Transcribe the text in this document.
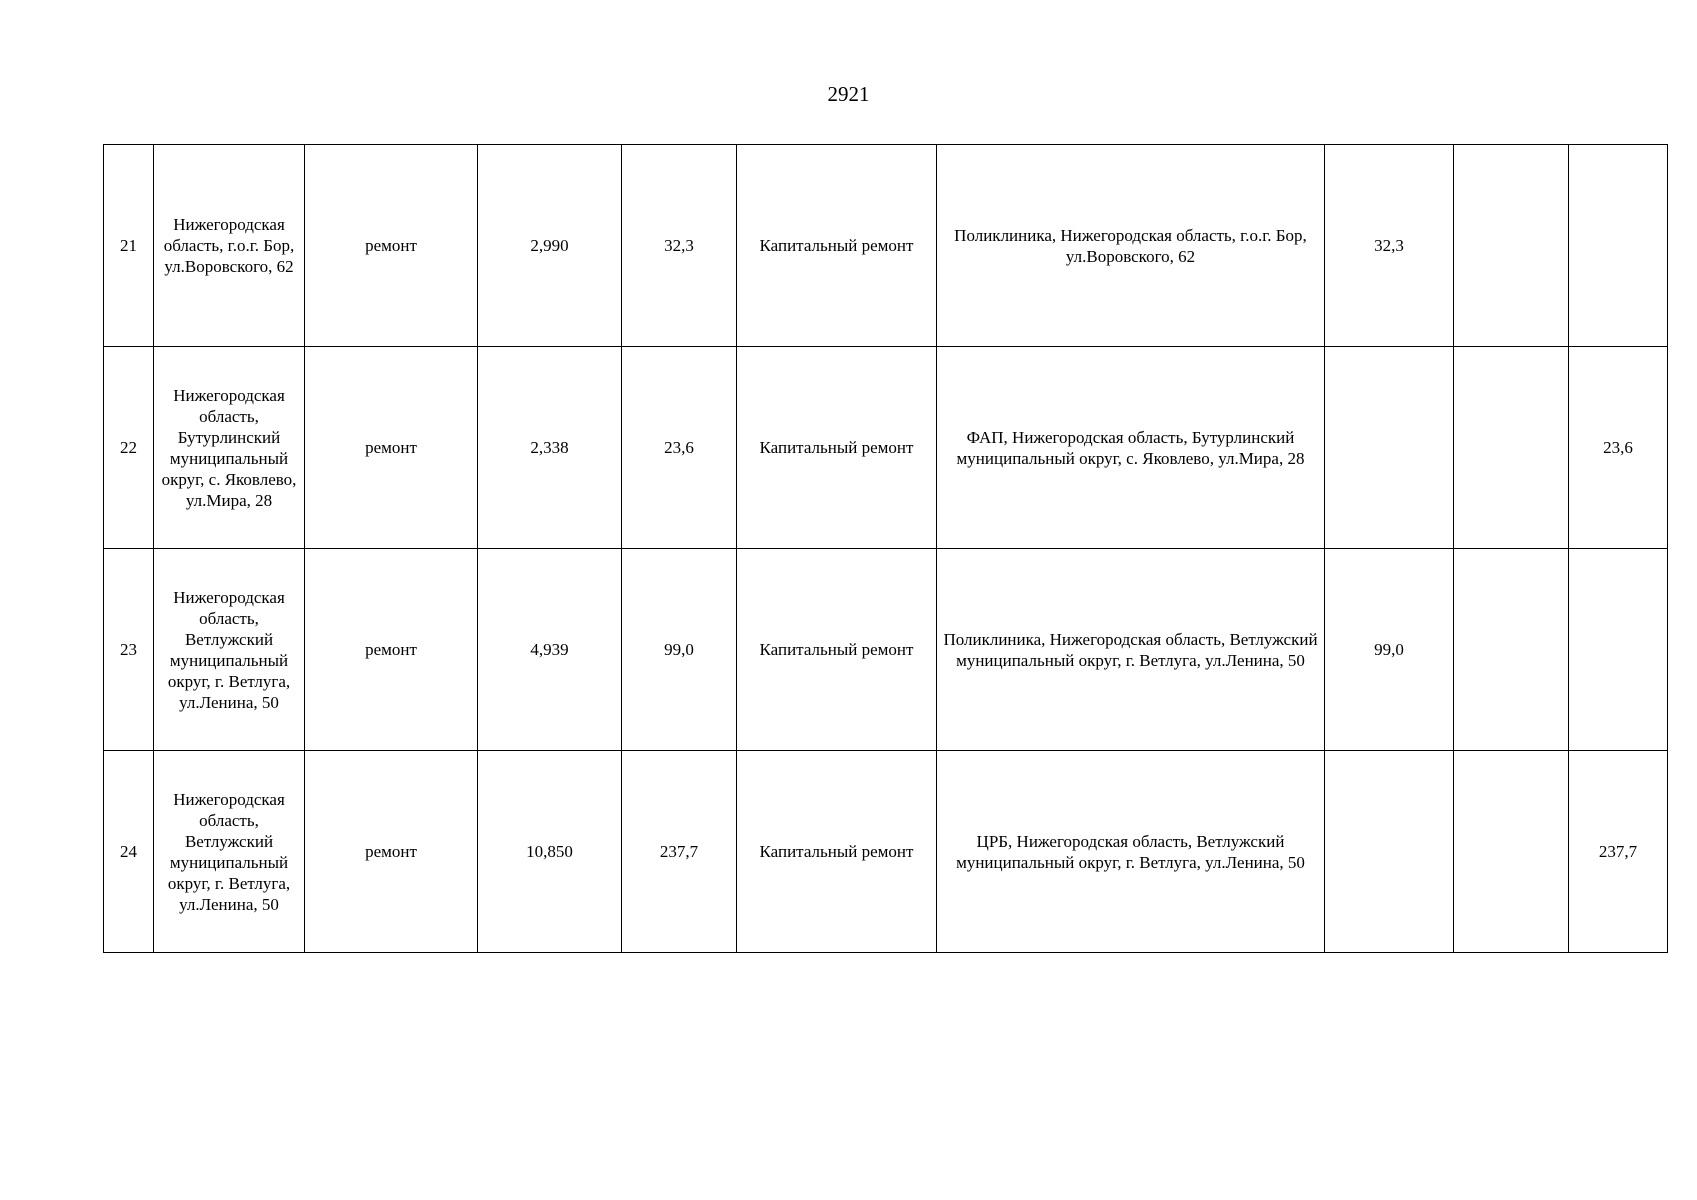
2921
21	Нижегородская область, г.о.г. Бор, ул.Воровского, 62	ремонт	2,990	32,3	Капитальный ремонт	Поликлиника, Нижегородская область, г.о.г. Бор, ул.Воровского, 62	32,3		
22	Нижегородская область, Бутурлинский муниципальный округ, с. Яковлево, ул.Мира, 28	ремонт	2,338	23,6	Капитальный ремонт	ФАП, Нижегородская область, Бутурлинский муниципальный округ, с. Яковлево, ул.Мира, 28			23,6
23	Нижегородская область, Ветлужский муниципальный округ, г. Ветлуга, ул.Ленина, 50	ремонт	4,939	99,0	Капитальный ремонт	Поликлиника, Нижегородская область, Ветлужский муниципальный округ, г. Ветлуга, ул.Ленина, 50	99,0		
24	Нижегородская область, Ветлужский муниципальный округ, г. Ветлуга, ул.Ленина, 50	ремонт	10,850	237,7	Капитальный ремонт	ЦРБ, Нижегородская область, Ветлужский муниципальный округ, г. Ветлуга, ул.Ленина, 50			237,7
